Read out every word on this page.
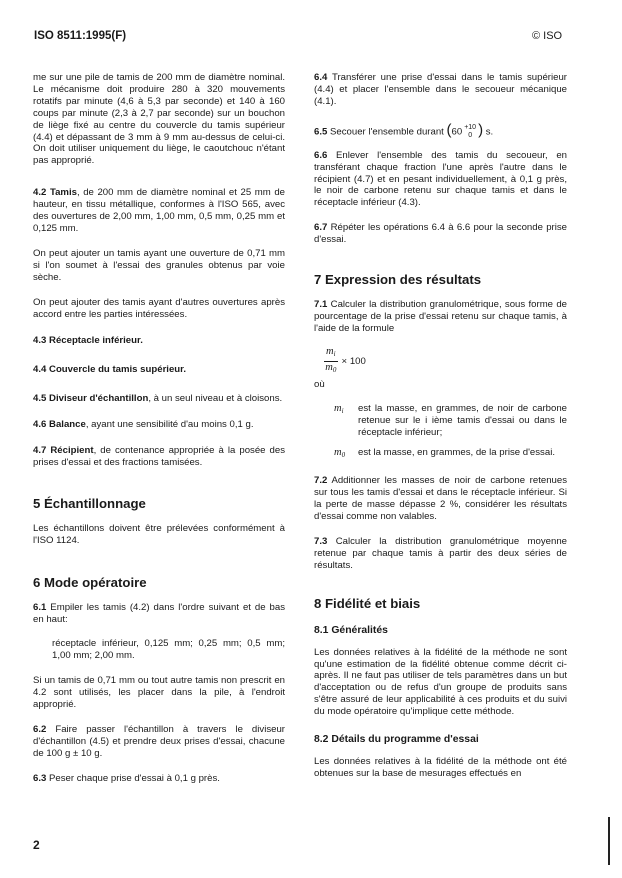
ISO 8511:1995(F)	© ISO

me sur une pile de tamis de 200 mm de diamètre nominal. Le mécanisme doit produire 280 à 320 mouvements rotatifs par minute (4,6 à 5,3 par seconde) et 140 à 160 coups par minute (2,3 à 2,7 par seconde) sur un bouchon de liège fixé au centre du couvercle du tamis supérieur (4.4) et dépassant de 3 mm à 9 mm au-dessus de celui-ci. On doit utiliser uniquement du liège, le caoutchouc n'étant pas approprié.

4.2 Tamis, de 200 mm de diamètre nominal et 25 mm de hauteur, en tissu métallique, conformes à l'ISO 565, avec des ouvertures de 2,00 mm, 1,00 mm, 0,5 mm, 0,25 mm et 0,125 mm.

On peut ajouter un tamis ayant une ouverture de 0,71 mm si l'on soumet à l'essai des granules obtenus par voie sèche.

On peut ajouter des tamis ayant d'autres ouvertures après accord entre les parties intéressées.

4.3 Réceptacle inférieur.

4.4 Couvercle du tamis supérieur.

4.5 Diviseur d'échantillon, à un seul niveau et à cloisons.

4.6 Balance, ayant une sensibilité d'au moins 0,1 g.

4.7 Récipient, de contenance appropriée à la posée des prises d'essai et des fractions tamisées.

5 Échantillonnage

Les échantillons doivent être prélevées conformément à l'ISO 1124.

6 Mode opératoire

6.1 Empiler les tamis (4.2) dans l'ordre suivant et de bas en haut:

réceptacle inférieur, 0,125 mm; 0,25 mm; 0,5 mm; 1,00 mm; 2,00 mm.

Si un tamis de 0,71 mm ou tout autre tamis non prescrit en 4.2 sont utilisés, les placer dans la pile, à l'endroit approprié.

6.2 Faire passer l'échantillon à travers le diviseur d'échantillon (4.5) et prendre deux prises d'essai, chacune de 100 g ± 10 g.

6.3 Peser chaque prise d'essai à 0,1 g près.

6.4 Transférer une prise d'essai dans le tamis supérieur (4.4) et placer l'ensemble dans le secoueur mécanique (4.1).

6.5 Secouer l'ensemble durant (60 +10
0 ) s.

6.6 Enlever l'ensemble des tamis du secoueur, en transférant chaque fraction l'une après l'autre dans le récipient (4.7) et en pesant individuellement, à 0,1 g près, le noir de carbone retenu sur chaque tamis et dans le réceptacle inférieur (4.3).

6.7 Répéter les opérations 6.4 à 6.6 pour la seconde prise d'essai.

7 Expression des résultats

7.1 Calculer la distribution granulométrique, sous forme de pourcentage de la prise d'essai retenu sur chaque tamis, à l'aide de la formule

$\frac{m_i}{m_0} \times 100$

où

$m_i$	est la masse, en grammes, de noir de carbone retenue sur le i ième tamis d'essai ou dans le réceptacle inférieur;
$m_0$	est la masse, en grammes, de la prise d'essai.

7.2 Additionner les masses de noir de carbone retenues sur tous les tamis d'essai et dans le réceptacle inférieur. Si la perte de masse dépasse 2 %, considérer les résultats d'essai comme non valables.

7.3 Calculer la distribution granulométrique moyenne retenue par chaque tamis à partir des deux séries de résultats.

8 Fidélité et biais
8.1 Généralités

Les données relatives à la fidélité de la méthode ne sont qu'une estimation de la fidélité obtenue comme décrit ci-après. Il ne faut pas utiliser de tels paramètres dans un but d'acceptation ou de refus d'un groupe de produits sans s'être assuré de leur applicabilité à ces produits et du suivi du mode opératoire qu'implique cette méthode.

8.2 Détails du programme d'essai

Les données relatives à la fidélité de la méthode ont été obtenues sur la base de mesurages effectués en

2
